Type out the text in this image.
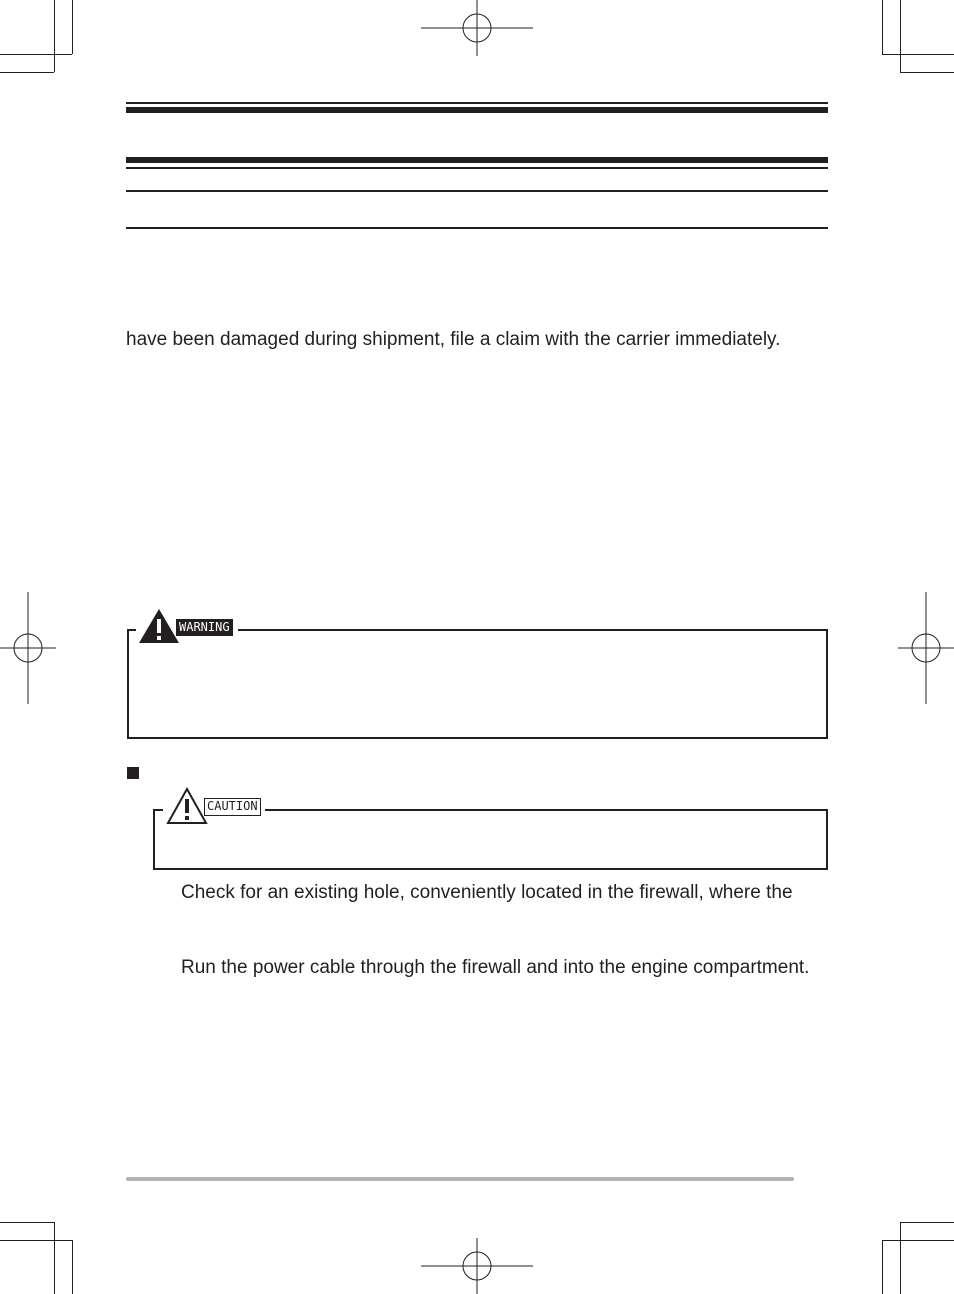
have been damaged during shipment, file a claim with the carrier immediately.
WARNING
CAUTION
Check for an existing hole, conveniently located in the firewall, where the
Run the power cable through the firewall and into the engine compartment.
